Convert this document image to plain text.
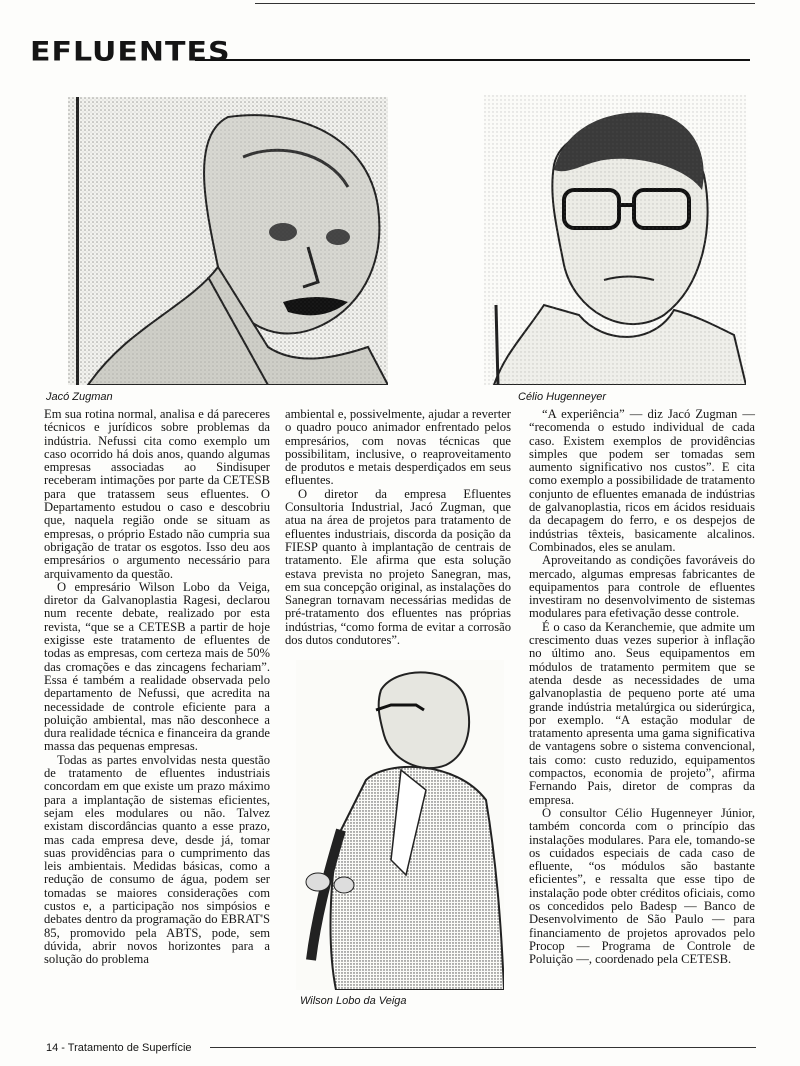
EFLUENTES
Jacó Zugman	Célio Hugenneyer
Wilson Lobo da Veiga

Em sua rotina normal, analisa e dá pareceres técnicos e jurídicos sobre problemas da indústria. Nefussi cita como exemplo um caso ocorrido há dois anos, quando algumas empresas associadas ao Sindisuper receberam intimações por parte da CETESB para que tratassem seus efluentes. O Departamento estudou o caso e descobriu que, naquela região onde se situam as empresas, o próprio Estado não cumpria sua obrigação de tratar os esgotos. Isso deu aos empresários o argumento necessário para arquivamento da questão.

O empresário Wilson Lobo da Veiga, diretor da Galvanoplastia Ragesi, declarou num recente debate, realizado por esta revista, “que se a CETESB a partir de hoje exigisse este tratamento de efluentes de todas as empresas, com certeza mais de 50% das cromações e das zincagens fechariam”. Essa é também a realidade observada pelo departamento de Nefussi, que acredita na necessidade de controle eficiente para a poluição ambiental, mas não desconhece a dura realidade técnica e financeira da grande massa das pequenas empresas.

Todas as partes envolvidas nesta questão de tratamento de efluentes industriais concordam em que existe um prazo máximo para a implantação de sistemas eficientes, sejam eles modulares ou não. Talvez existam discordâncias quanto a esse prazo, mas cada empresa deve, desde já, tomar suas providências para o cumprimento das leis ambientais. Medidas básicas, como a redução de consumo de água, podem ser tomadas se maiores considerações com custos e, a participação nos simpósios e debates dentro da programação do EBRAT'S 85, promovido pela ABTS, pode, sem dúvida, abrir novos horizontes para a solução do problema

ambiental e, possivelmente, ajudar a reverter o quadro pouco animador enfrentado pelos empresários, com novas técnicas que possibilitam, inclusive, o reaproveitamento de produtos e metais desperdiçados em seus efluentes.

O diretor da empresa Efluentes Consultoria Industrial, Jacó Zugman, que atua na área de projetos para tratamento de efluentes industriais, discorda da posição da FIESP quanto à implantação de centrais de tratamento. Ele afirma que esta solução estava prevista no projeto Sanegran, mas, em sua concepção original, as instalações do Sanegran tornavam necessárias medidas de pré-tratamento dos efluentes nas próprias indústrias, “como forma de evitar a corrosão dos dutos condutores”.

“A experiência” — diz Jacó Zugman — “recomenda o estudo individual de cada caso. Existem exemplos de providências simples que podem ser tomadas sem aumento significativo nos custos”. E cita como exemplo a possibilidade de tratamento conjunto de efluentes emanada de indústrias de galvanoplastia, ricos em ácidos residuais da decapagem do ferro, e os despejos de indústrias têxteis, basicamente alcalinos. Combinados, eles se anulam.

Aproveitando as condições favoráveis do mercado, algumas empresas fabricantes de equipamentos para controle de efluentes investiram no desenvolvimento de sistemas modulares para efetivação desse controle.

É o caso da Keranchemie, que admite um crescimento duas vezes superior à inflação no último ano. Seus equipamentos em módulos de tratamento permitem que se atenda desde as necessidades de uma galvanoplastia de pequeno porte até uma grande indústria metalúrgica ou siderúrgica, por exemplo. “A estação modular de tratamento apresenta uma gama significativa de vantagens sobre o sistema convencional, tais como: custo reduzido, equipamentos compactos, economia de projeto”, afirma Fernando Pais, diretor de compras da empresa.

O consultor Célio Hugenneyer Júnior, também concorda com o princípio das instalações modulares. Para ele, tomando-se os cuidados especiais de cada caso de efluente, “os módulos são bastante eficientes”, e ressalta que esse tipo de instalação pode obter créditos oficiais, como os concedidos pelo Badesp — Banco de Desenvolvimento de São Paulo — para financiamento de projetos aprovados pelo Procop — Programa de Controle de Poluição —, coordenado pela CETESB.

14 - Tratamento de Superfície
